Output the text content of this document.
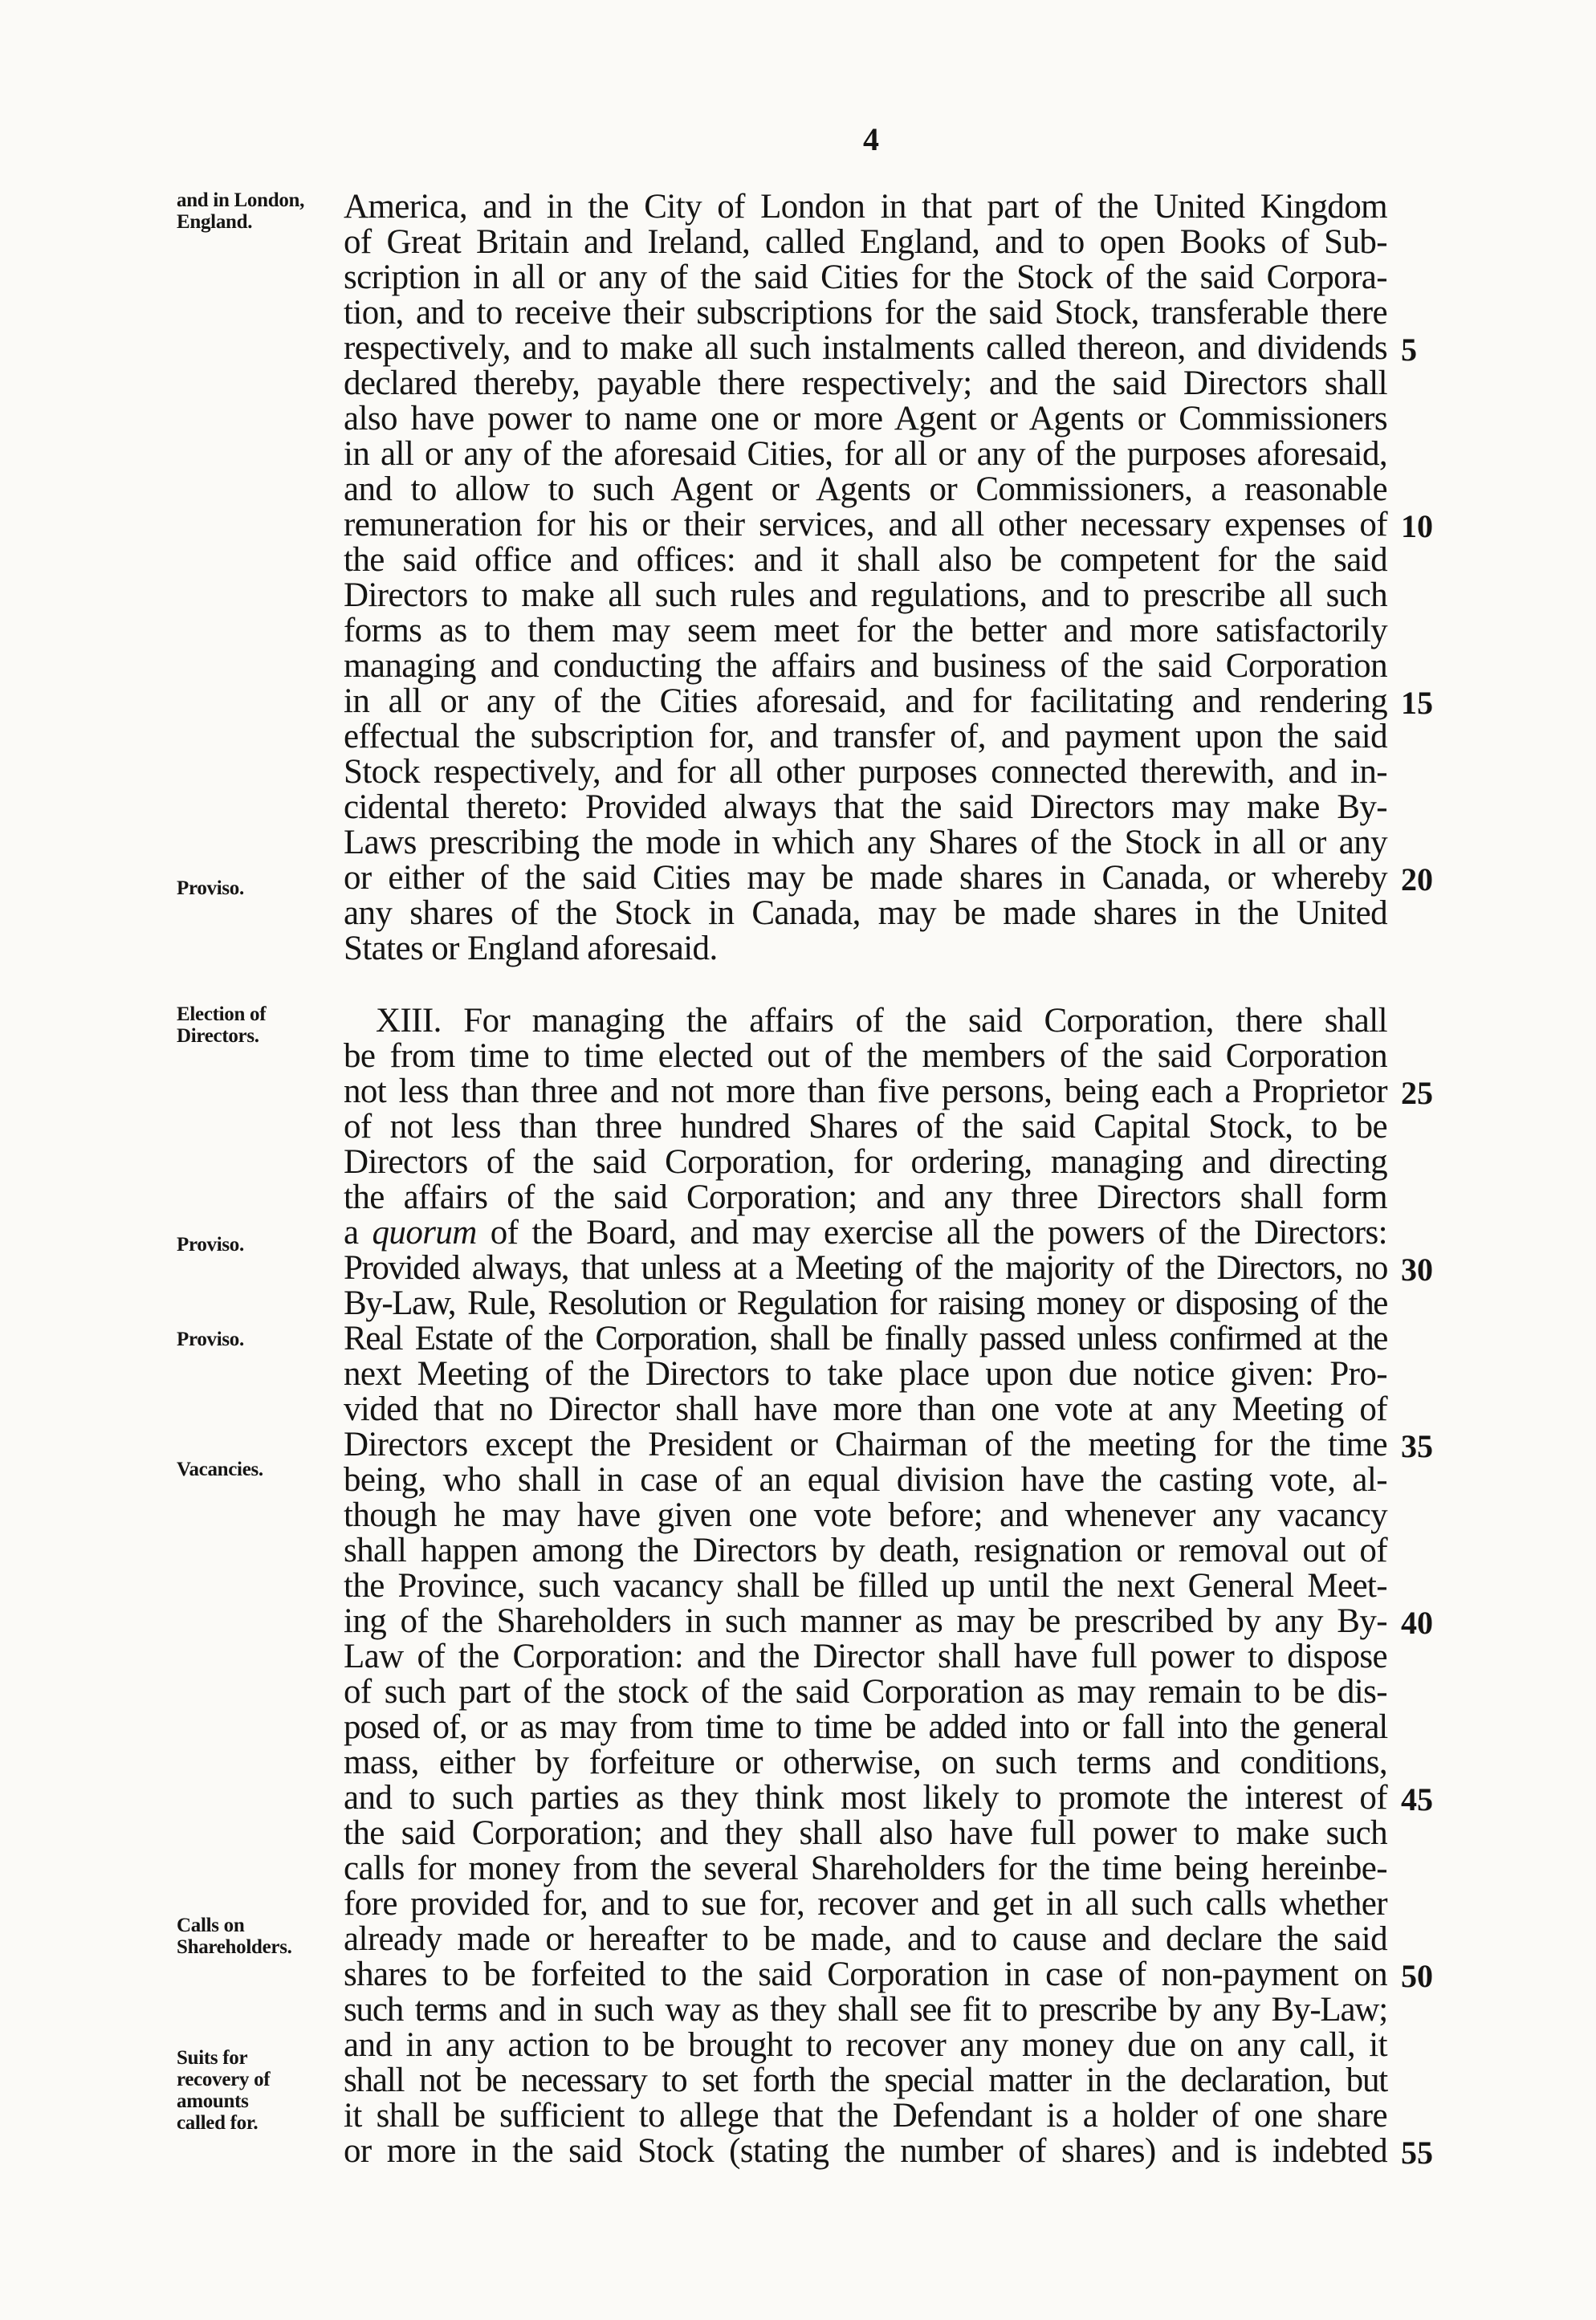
4
and in London, England.
Proviso.
Election of Directors.
Proviso.
Proviso.
Vacancies.
Calls on Shareholders.
Suits for recovery of amounts called for.
America, and in the City of London in that part of the United Kingdom
of Great Britain and Ireland, called England, and to open Books of Sub-
scription in all or any of the said Cities for the Stock of the said Corpora-
tion, and to receive their subscriptions for the said Stock, transferable there
respectively, and to make all such instalments called thereon, and dividends
declared thereby, payable there respectively; and the said Directors shall
also have power to name one or more Agent or Agents or Commissioners
in all or any of the aforesaid Cities, for all or any of the purposes aforesaid,
and to allow to such Agent or Agents or Commissioners, a reasonable
remuneration for his or their services, and all other necessary expenses of
the said office and offices: and it shall also be competent for the said
Directors to make all such rules and regulations, and to prescribe all such
forms as to them may seem meet for the better and more satisfactorily
managing and conducting the affairs and business of the said Corporation
in all or any of the Cities aforesaid, and for facilitating and rendering
effectual the subscription for, and transfer of, and payment upon the said
Stock respectively, and for all other purposes connected therewith, and in-
cidental thereto: Provided always that the said Directors may make By-
Laws prescribing the mode in which any Shares of the Stock in all or any
or either of the said Cities may be made shares in Canada, or whereby
any shares of the Stock in Canada, may be made shares in the United
States or England aforesaid.
XIII. For managing the affairs of the said Corporation, there shall
be from time to time elected out of the members of the said Corporation
not less than three and not more than five persons, being each a Proprietor
of not less than three hundred Shares of the said Capital Stock, to be
Directors of the said Corporation, for ordering, managing and directing
the affairs of the said Corporation; and any three Directors shall form
a quorum of the Board, and may exercise all the powers of the Directors:
Provided always, that unless at a Meeting of the majority of the Directors, no
By-Law, Rule, Resolution or Regulation for raising money or disposing of the
Real Estate of the Corporation, shall be finally passed unless confirmed at the
next Meeting of the Directors to take place upon due notice given: Pro-
vided that no Director shall have more than one vote at any Meeting of
Directors except the President or Chairman of the meeting for the time
being, who shall in case of an equal division have the casting vote, al-
though he may have given one vote before; and whenever any vacancy
shall happen among the Directors by death, resignation or removal out of
the Province, such vacancy shall be filled up until the next General Meet-
ing of the Shareholders in such manner as may be prescribed by any By-
Law of the Corporation: and the Director shall have full power to dispose
of such part of the stock of the said Corporation as may remain to be dis-
posed of, or as may from time to time be added into or fall into the general
mass, either by forfeiture or otherwise, on such terms and conditions,
and to such parties as they think most likely to promote the interest of
the said Corporation; and they shall also have full power to make such
calls for money from the several Shareholders for the time being hereinbe-
fore provided for, and to sue for, recover and get in all such calls whether
already made or hereafter to be made, and to cause and declare the said
shares to be forfeited to the said Corporation in case of non-payment on
such terms and in such way as they shall see fit to prescribe by any By-Law;
and in any action to be brought to recover any money due on any call, it
shall not be necessary to set forth the special matter in the declaration, but
it shall be sufficient to allege that the Defendant is a holder of one share
or more in the said Stock (stating the number of shares) and is indebted
5
10
15
20
25
30
35
40
45
50
55
